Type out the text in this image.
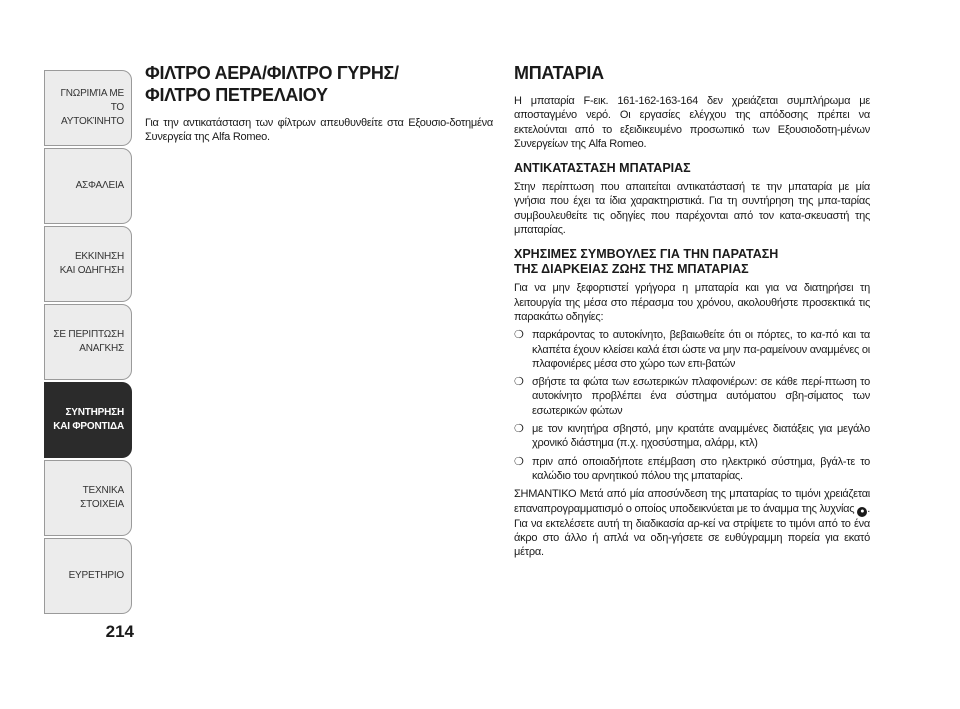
ΓΝΩΡΙΜΊΑ ΜΕ ΤΟ
ΑΥΤΟΚΊΝΗΤΟ
ΑΣΦΑΛΕΙΑ
ΕΚΚΙΝΗΣΗ
ΚΑΙ ΟΔΗΓΗΣΗ
ΣΕ ΠΕΡΙΠΤΩΣΗ
ΑΝΑΓΚΗΣ
ΣΥΝΤΗΡΗΣΗ
ΚΑΙ ΦΡΟΝΤΙΔΑ
ΤΕΧΝΙΚΑ
ΣΤΟΙΧΕΙΑ
ΕΥΡΕΤΗΡΙΟ
214
ΦΙΛΤΡΟ ΑΕΡΑ/ΦΙΛΤΡΟ ΓΥΡΗΣ/
ΦΙΛΤΡΟ ΠΕΤΡΕΛΑΙΟΥ

Για την αντικατάσταση των φίλτρων απευθυνθείτε στα Εξουσιο-δοτημένα Συνεργεία της Alfa Romeo.

ΜΠΑΤΑΡΙΑ

Η μπαταρία F-εικ. 161-162-163-164 δεν χρειάζεται συμπλήρωμα με αποσταγμένο νερό. Οι εργασίες ελέγχου της απόδοσης πρέπει να εκτελούνται από το εξειδικευμένο προσωπικό των Εξουσιοδοτη-μένων Συνεργείων της Alfa Romeo.

ΑΝΤΙΚΑΤΑΣΤΑΣΗ ΜΠΑΤΑΡΙΑΣ

Στην περίπτωση που απαιτείται αντικατάστασή τε την μπαταρία με μία γνήσια που έχει τα ίδια χαρακτηριστικά. Για τη συντήρηση της μπα-ταρίας συμβουλευθείτε τις οδηγίες που παρέχονται από τον κατα-σκευαστή της μπαταρίας.

ΧΡΗΣΙΜΕΣ ΣΥΜΒΟΥΛΕΣ ΓΙΑ ΤΗΝ ΠΑΡΑΤΑΣΗ
ΤΗΣ ΔΙΑΡΚΕΙΑΣ ΖΩΗΣ ΤΗΣ ΜΠΑΤΑΡΙΑΣ

Για να μην ξεφορτιστεί γρήγορα η μπαταρία και για να διατηρήσει τη λειτουργία της μέσα στο πέρασμα του χρόνου, ακολουθήστε προσεκτικά τις παρακάτω οδηγίες:

❍ παρκάροντας το αυτοκίνητο, βεβαιωθείτε ότι οι πόρτες, το κα-πό και τα κλαπέτα έχουν κλείσει καλά έτσι ώστε να μην πα-ραμείνουν αναμμένες οι πλαφονιέρες μέσα στο χώρο των επι-βατών
❍ σβήστε τα φώτα των εσωτερικών πλαφονιέρων: σε κάθε περί-πτωση το αυτοκίνητο προβλέπει ένα σύστημα αυτόματου σβη-σίματος των εσωτερικών φώτων
❍ με τον κινητήρα σβηστό, μην κρατάτε αναμμένες διατάξεις για μεγάλο χρονικό διάστημα (π.χ. ηχοσύστημα, αλάρμ, κτλ)
❍ πριν από οποιαδήποτε επέμβαση στο ηλεκτρικό σύστημα, βγάλ-τε το καλώδιο του αρνητικού πόλου της μπαταρίας.

ΣΗΜΑΝΤΙΚΟ Μετά από μία αποσύνδεση της μπαταρίας το τιμόνι χρειάζεται επαναπρογραμματισμό ο οποίος υποδεικνύεται με το άναμμα της λυχνίας ● . Για να εκτελέσετε αυτή τη διαδικασία αρ-κεί να στρίψετε το τιμόνι από το ένα άκρο στο άλλο ή απλά να οδη-γήσετε σε ευθύγραμμη πορεία για εκατό μέτρα.
